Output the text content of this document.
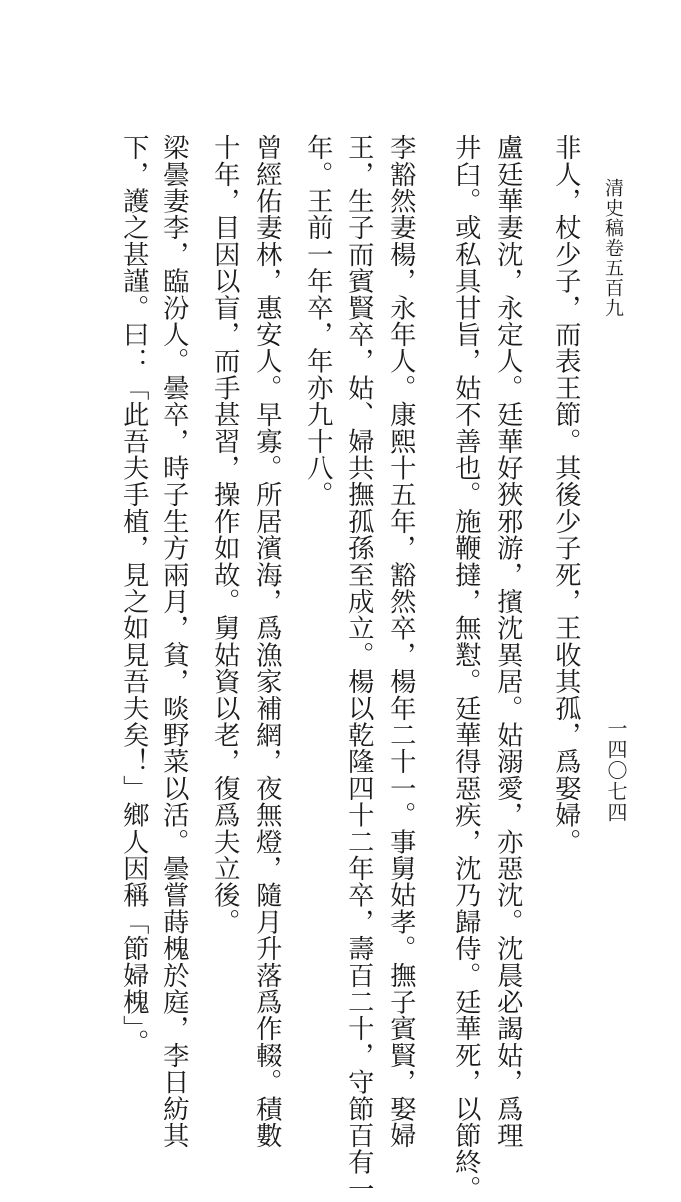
清史稿卷五百九
非人，杖少子，而表王節。其後少子死，王收其孤，爲娶婦。
盧廷華妻沈，永定人。廷華好狹邪游，擯沈異居。姑溺愛，亦惡沈。沈晨必謁姑，爲理
井臼。或私具甘旨，姑不善也。施鞭撻，無懟。廷華得惡疾，沈乃歸侍。廷華死，以節終。
李豁然妻楊，永年人。康熙十五年，豁然卒，楊年二十一。事舅姑孝。撫子賓賢，娶婦
王，生子而賓賢卒，姑、婦共撫孤孫至成立。楊以乾隆四十二年卒，壽百二十，守節百有一
年。王前一年卒，年亦九十八。
曾經佑妻林，惠安人。早寡。所居濱海，爲漁家補網，夜無燈，隨月升落爲作輟。積數
十年，目因以盲，而手甚習，操作如故。舅姑資以老，復爲夫立後。
梁曇妻李，臨汾人。曇卒，時子生方兩月，貧，啖野菜以活。曇嘗蒔槐於庭，李日紡其
下，護之甚謹。曰：「此吾夫手植，見之如見吾夫矣！」鄉人因稱「節婦槐」。	一四〇七四
